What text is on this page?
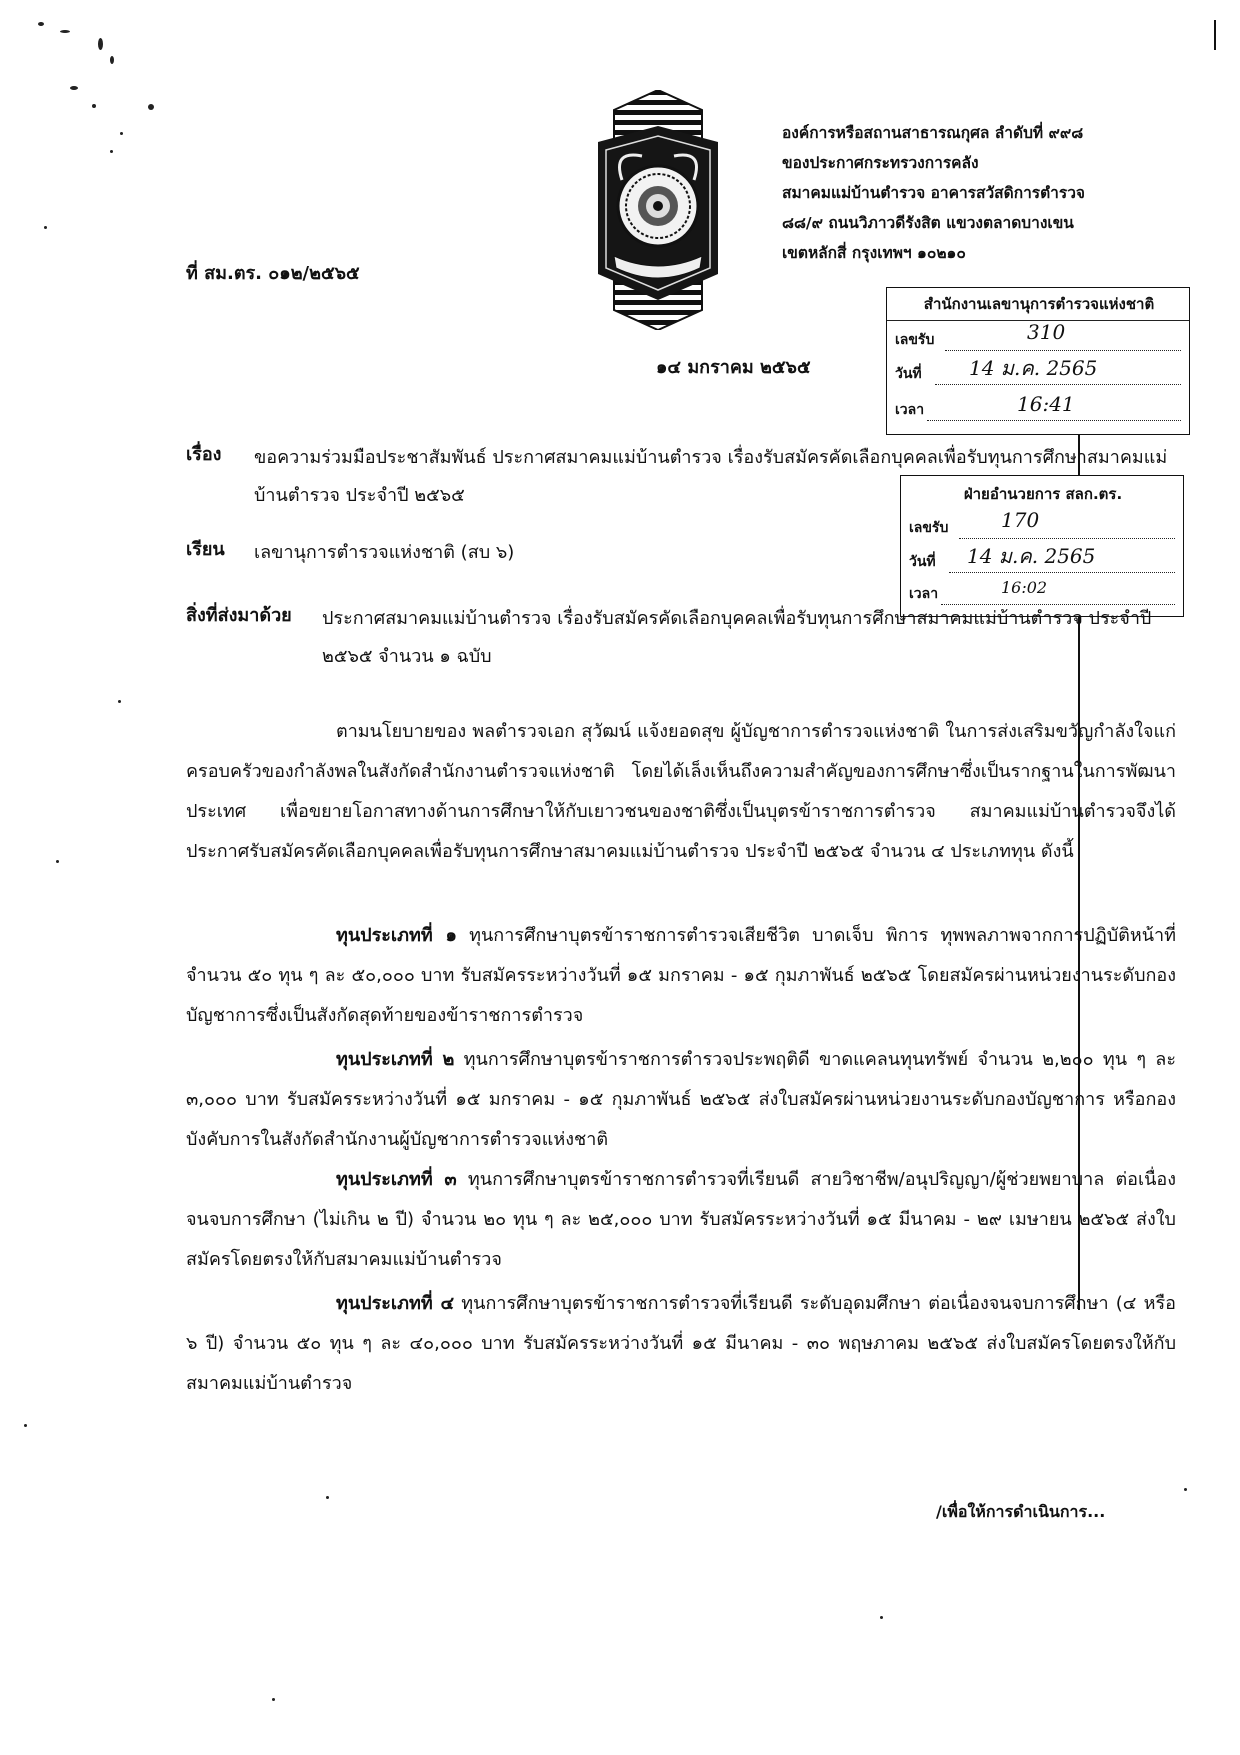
องค์การหรือสถานสาธารณกุศล ลำดับที่ ๙๙๘
ของประกาศกระทรวงการคลัง
สมาคมแม่บ้านตำรวจ อาคารสวัสดิการตำรวจ
๘๘/๙ ถนนวิภาวดีรังสิต แขวงตลาดบางเขน
เขตหลักสี่ กรุงเทพฯ ๑๐๒๑๐
ที่ สม.ตร. ๐๑๒/๒๕๖๕
๑๔ มกราคม ๒๕๖๕
สำนักงานเลขานุการตำรวจแห่งชาติ
เลขรับ	310
วันที่	14 ม.ค. 2565
เวลา	16:41
เรื่อง ขอความร่วมมือประชาสัมพันธ์ ประกาศสมาคมแม่บ้านตำรวจ เรื่องรับสมัครคัดเลือกบุคคลเพื่อรับทุนการศึกษาสมาคมแม่บ้านตำรวจ ประจำปี ๒๕๖๕	ฝ่ายอำนวยการ สลก.ตร.
เลขรับ	170
วันที่	14 ม.ค. 2565
เวลา	16:02
เรียน เลขานุการตำรวจแห่งชาติ (สบ ๖)
สิ่งที่ส่งมาด้วย ประกาศสมาคมแม่บ้านตำรวจ เรื่องรับสมัครคัดเลือกบุคคลเพื่อรับทุนการศึกษาสมาคมแม่บ้านตำรวจ ประจำปี ๒๕๖๕ จำนวน ๑ ฉบับ
ตามนโยบายของ พลตำรวจเอก สุวัฒน์ แจ้งยอดสุข ผู้บัญชาการตำรวจแห่งชาติ ในการส่งเสริมขวัญกำลังใจแก่ครอบครัวของกำลังพลในสังกัดสำนักงานตำรวจแห่งชาติ โดยได้เล็งเห็นถึงความสำคัญของการศึกษาซึ่งเป็นรากฐานในการพัฒนาประเทศ เพื่อขยายโอกาสทางด้านการศึกษาให้กับเยาวชนของชาติซึ่งเป็นบุตรข้าราชการตำรวจ สมาคมแม่บ้านตำรวจจึงได้ประกาศรับสมัครคัดเลือกบุคคลเพื่อรับทุนการศึกษาสมาคมแม่บ้านตำรวจ ประจำปี ๒๕๖๕ จำนวน ๔ ประเภททุน ดังนี้
ทุนประเภทที่ ๑ ทุนการศึกษาบุตรข้าราชการตำรวจเสียชีวิต บาดเจ็บ พิการ ทุพพลภาพจากการปฏิบัติหน้าที่ จำนวน ๕๐ ทุน ๆ ละ ๕๐,๐๐๐ บาท รับสมัครระหว่างวันที่ ๑๕ มกราคม - ๑๕ กุมภาพันธ์ ๒๕๖๕ โดยสมัครผ่านหน่วยงานระดับกองบัญชาการซึ่งเป็นสังกัดสุดท้ายของข้าราชการตำรวจ
ทุนประเภทที่ ๒ ทุนการศึกษาบุตรข้าราชการตำรวจประพฤติดี ขาดแคลนทุนทรัพย์ จำนวน ๒,๒๐๐ ทุน ๆ ละ ๓,๐๐๐ บาท รับสมัครระหว่างวันที่ ๑๕ มกราคม - ๑๕ กุมภาพันธ์ ๒๕๖๕ ส่งใบสมัครผ่านหน่วยงานระดับกองบัญชาการ หรือกองบังคับการในสังกัดสำนักงานผู้บัญชาการตำรวจแห่งชาติ
ทุนประเภทที่ ๓ ทุนการศึกษาบุตรข้าราชการตำรวจที่เรียนดี สายวิชาชีพ/อนุปริญญา/ผู้ช่วยพยาบาล ต่อเนื่องจนจบการศึกษา (ไม่เกิน ๒ ปี) จำนวน ๒๐ ทุน ๆ ละ ๒๕,๐๐๐ บาท รับสมัครระหว่างวันที่ ๑๕ มีนาคม - ๒๙ เมษายน ๒๕๖๕ ส่งใบสมัครโดยตรงให้กับสมาคมแม่บ้านตำรวจ
ทุนประเภทที่ ๔ ทุนการศึกษาบุตรข้าราชการตำรวจที่เรียนดี ระดับอุดมศึกษา ต่อเนื่องจนจบการศึกษา (๔ หรือ ๖ ปี) จำนวน ๕๐ ทุน ๆ ละ ๔๐,๐๐๐ บาท รับสมัครระหว่างวันที่ ๑๕ มีนาคม - ๓๐ พฤษภาคม ๒๕๖๕ ส่งใบสมัครโดยตรงให้กับสมาคมแม่บ้านตำรวจ
/เพื่อให้การดำเนินการ...
